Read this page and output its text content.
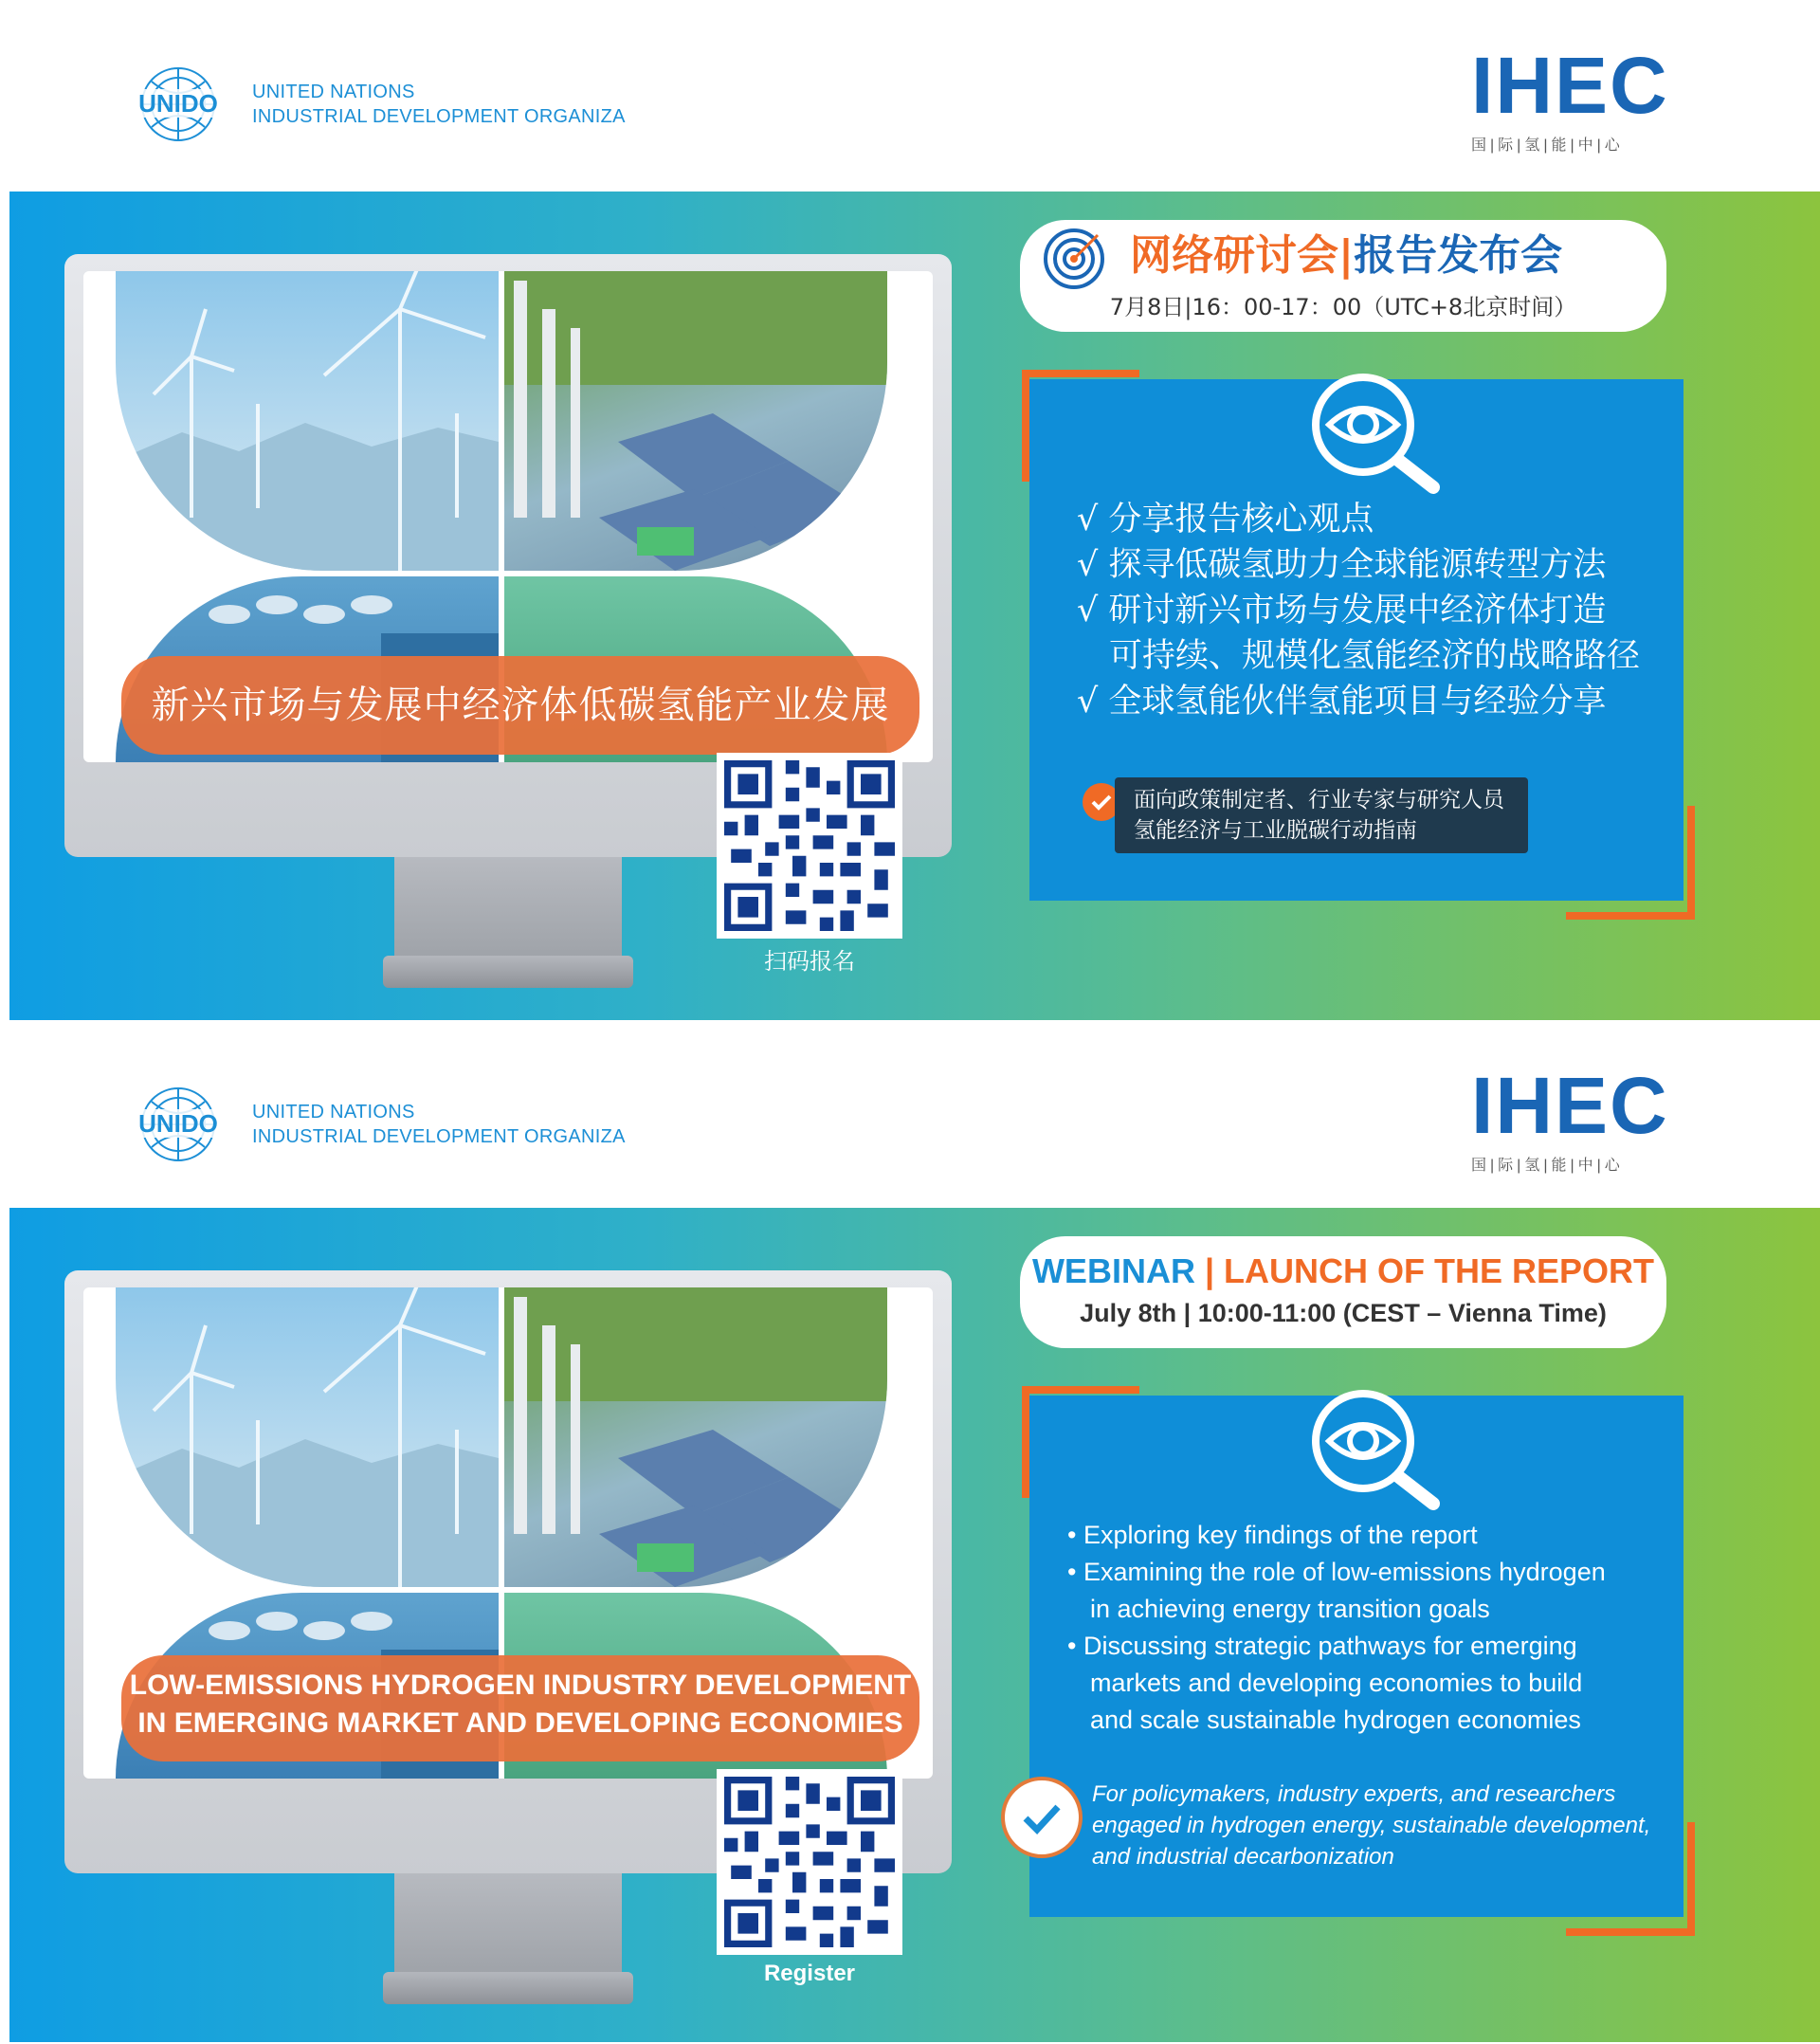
UNIDO UNITED NATIONS
INDUSTRIAL DEVELOPMENT ORGANIZA	IHEC
国|际|氢|能|中|心
新兴市场与发展中经济体低碳氢能产业发展
扫码报名
网络研讨会|报告发布会
7月8日|16：00-17：00（UTC+8北京时间）
√ 分享报告核心观点
√ 探寻低碳氢助力全球能源转型方法
√ 研讨新兴市场与发展中经济体打造
可持续、规模化氢能经济的战略路径
√ 全球氢能伙伴氢能项目与经验分享
面向政策制定者、行业专家与研究人员
氢能经济与工业脱碳行动指南
UNIDO UNITED NATIONS
INDUSTRIAL DEVELOPMENT ORGANIZA	IHEC
国|际|氢|能|中|心
LOW-EMISSIONS HYDROGEN INDUSTRY DEVELOPMENT
IN EMERGING MARKET AND DEVELOPING ECONOMIES
Register
WEBINAR | LAUNCH OF THE REPORT
July 8th | 10:00-11:00 (CEST – Vienna Time)
• Exploring key findings of the report
• Examining the role of low-emissions hydrogen
in achieving energy transition goals
• Discussing strategic pathways for emerging
markets and developing economies to build
and scale sustainable hydrogen economies
For policymakers, industry experts, and researchers
engaged in hydrogen energy, sustainable development,
and industrial decarbonization
